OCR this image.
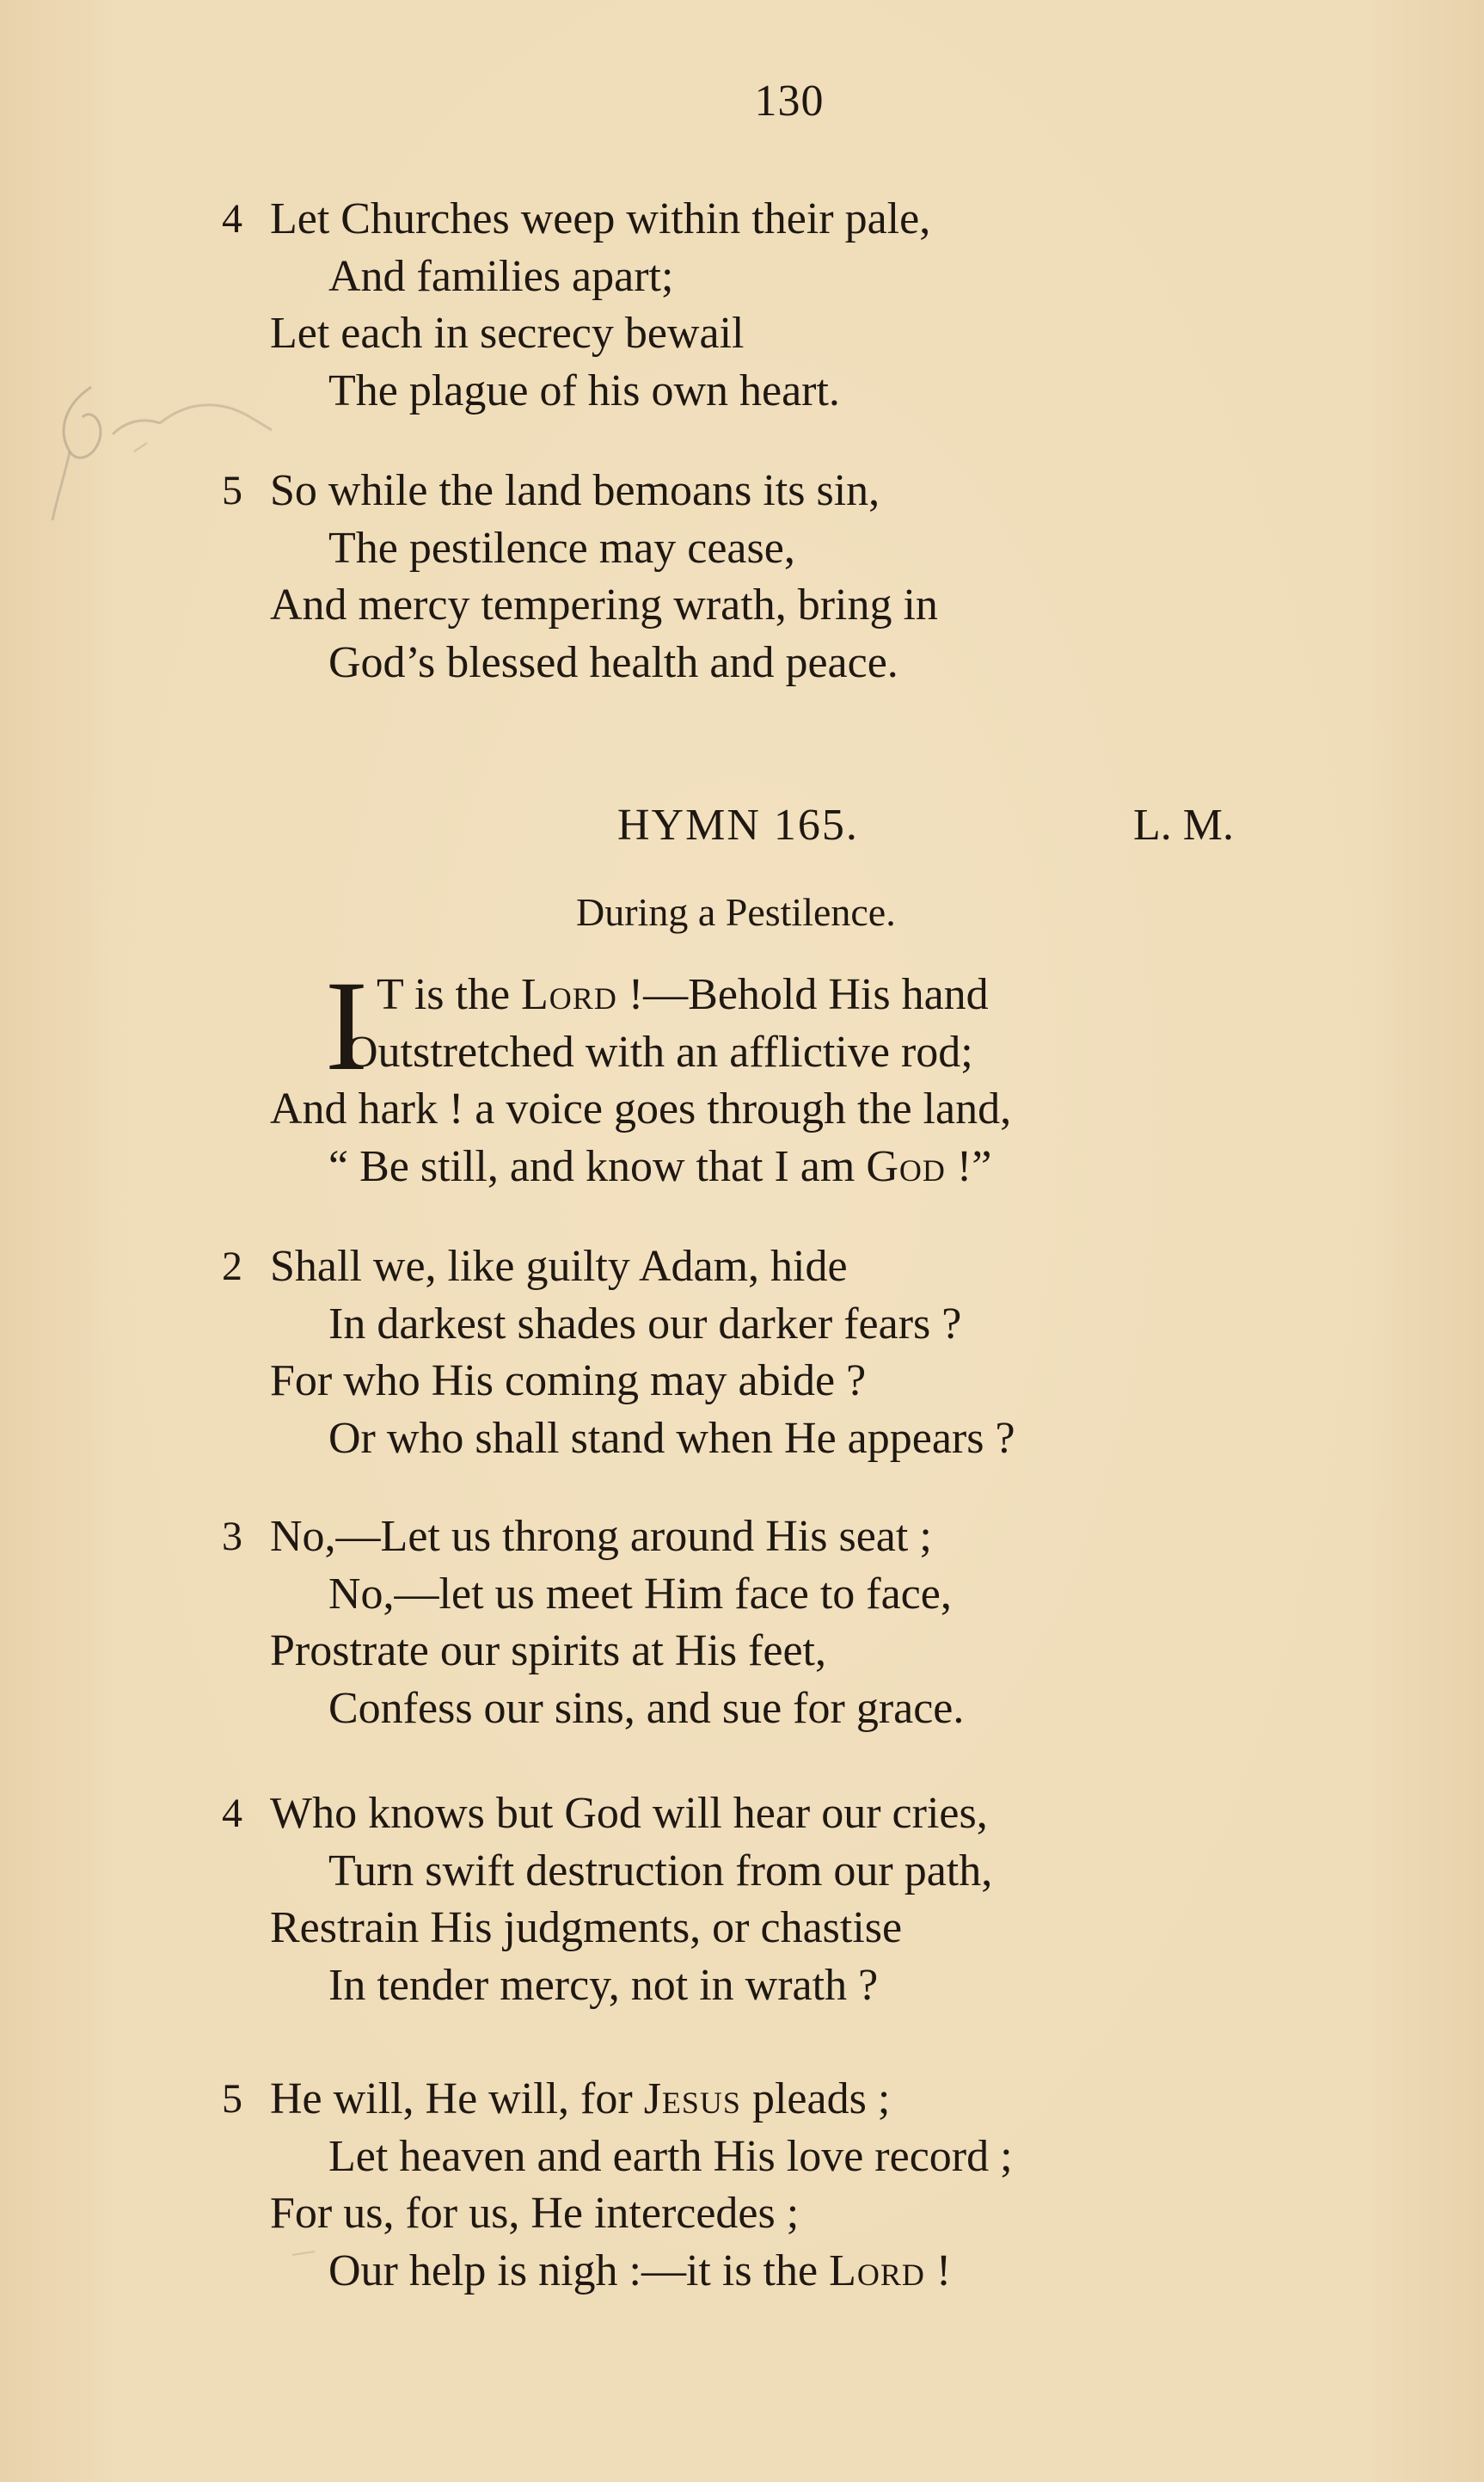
130
4 Let Churches weep within their pale,
And families apart;
Let each in secrecy bewail
The plague of his own heart.
5 So while the land bemoans its sin,
The pestilence may cease,
And mercy tempering wrath, bring in
God’s blessed health and peace.
HYMN 165.	L. M.
During a Pestilence.
I T is the Lord !—Behold His hand
Outstretched with an afflictive rod;
And hark ! a voice goes through the land,
“ Be still, and know that I am God !”
2 Shall we, like guilty Adam, hide
In darkest shades our darker fears ?
For who His coming may abide ?
Or who shall stand when He appears ?
3 No,—Let us throng around His seat ;
No,—let us meet Him face to face,
Prostrate our spirits at His feet,
Confess our sins, and sue for grace.
4 Who knows but God will hear our cries,
Turn swift destruction from our path,
Restrain His judgments, or chastise
In tender mercy, not in wrath ?
5 He will, He will, for Jesus pleads ;
Let heaven and earth His love record ;
For us, for us, He intercedes ;
Our help is nigh :—it is the Lord !
